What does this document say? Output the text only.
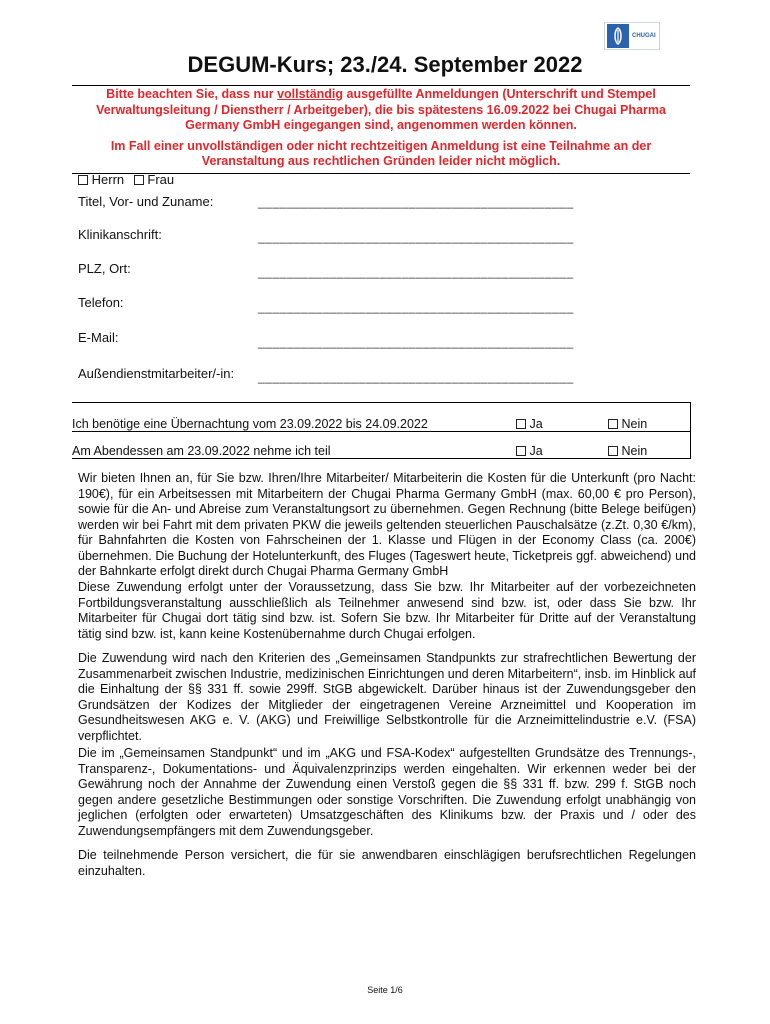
CHUGAI
DEGUM-Kurs; 23./24. September 2022

Bitte beachten Sie, dass nur vollständig ausgefüllte Anmeldungen (Unterschrift und Stempel Verwaltungsleitung / Dienstherr / Arbeitgeber), die bis spätestens 16.09.2022 bei Chugai Pharma Germany GmbH eingegangen sind, angenommen werden können.

Im Fall einer unvollständigen oder nicht rechtzeitigen Anmeldung ist eine Teilnahme an der Veranstaltung aus rechtlichen Gründen leider nicht möglich.

Herrn Frau
Titel, Vor- und Zuname:	____________________________________________
Klinikanschrift:	____________________________________________
PLZ, Ort:	____________________________________________
Telefon:	____________________________________________
E-Mail:	____________________________________________
Außendienstmitarbeiter/-in: ____________________________________________
Ich benötige eine Übernachtung vom 23.09.2022 bis 24.09.2022	Ja	Nein
Am Abendessen am 23.09.2022 nehme ich teil	Ja	Nein

Wir bieten Ihnen an, für Sie bzw. Ihren/Ihre Mitarbeiter/ Mitarbeiterin die Kosten für die Unterkunft (pro Nacht: 190€), für ein Arbeitsessen mit Mitarbeitern der Chugai Pharma Germany GmbH (max. 60,00 € pro Person), sowie für die An- und Abreise zum Veranstaltungsort zu übernehmen. Gegen Rechnung (bitte Belege beifügen) werden wir bei Fahrt mit dem privaten PKW die jeweils geltenden steuerlichen Pauschalsätze (z.Zt. 0,30 €/km), für Bahnfahrten die Kosten von Fahrscheinen der 1. Klasse und Flügen in der Economy Class (ca. 200€) übernehmen. Die Buchung der Hotelunterkunft, des Fluges (Tageswert heute, Ticketpreis ggf. abweichend) und der Bahnkarte erfolgt direkt durch Chugai Pharma Germany GmbH

Diese Zuwendung erfolgt unter der Voraussetzung, dass Sie bzw. Ihr Mitarbeiter auf der vorbezeichneten Fortbildungsveranstaltung ausschließlich als Teilnehmer anwesend sind bzw. ist, oder dass Sie bzw. Ihr Mitarbeiter für Chugai dort tätig sind bzw. ist. Sofern Sie bzw. Ihr Mitarbeiter für Dritte auf der Veranstaltung tätig sind bzw. ist, kann keine Kostenübernahme durch Chugai erfolgen.

Die Zuwendung wird nach den Kriterien des „Gemeinsamen Standpunkts zur strafrechtlichen Bewertung der Zusammenarbeit zwischen Industrie, medizinischen Einrichtungen und deren Mitarbeitern“, insb. im Hinblick auf die Einhaltung der §§ 331 ff. sowie 299ff. StGB abgewickelt. Darüber hinaus ist der Zuwendungsgeber den Grundsätzen der Kodizes der Mitglieder der eingetragenen Vereine Arzneimittel und Kooperation im Gesundheitswesen AKG e. V. (AKG) und Freiwillige Selbstkontrolle für die Arzneimittelindustrie e.V. (FSA) verpflichtet.

Die im „Gemeinsamen Standpunkt“ und im „AKG und FSA-Kodex“ aufgestellten Grundsätze des Trennungs-, Transparenz-, Dokumentations- und Äquivalenzprinzips werden eingehalten. Wir erkennen weder bei der Gewährung noch der Annahme der Zuwendung einen Verstoß gegen die §§ 331 ff. bzw. 299 f. StGB noch gegen andere gesetzliche Bestimmungen oder sonstige Vorschriften. Die Zuwendung erfolgt unabhängig von jeglichen (erfolgten oder erwarteten) Umsatzgeschäften des Klinikums bzw. der Praxis und / oder des Zuwendungsempfängers mit dem Zuwendungsgeber.

Die teilnehmende Person versichert, die für sie anwendbaren einschlägigen berufsrechtlichen Regelungen einzuhalten.

Seite 1/6
